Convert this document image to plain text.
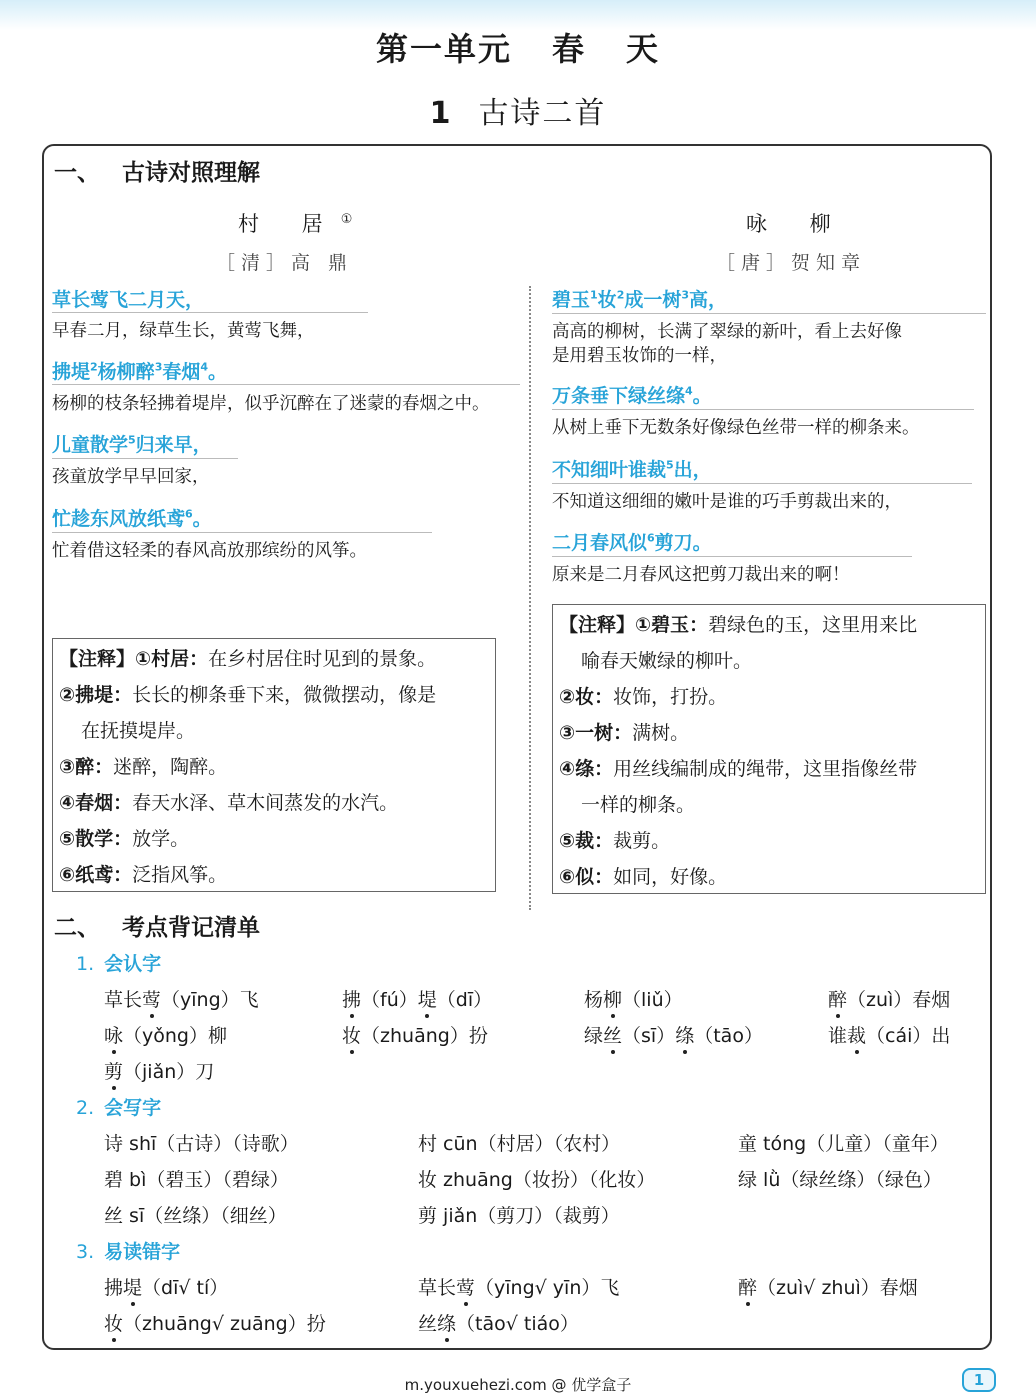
第一单元 春 天
1 古诗二首
一、 古诗对照理解
村 居①
［清］高 鼎
咏 柳
［唐］贺知章
草长莺飞二月天，
早春二月，绿草生长，黄莺飞舞，
拂堤$^2$杨柳醉$^3$春烟$^4$。
杨柳的枝条轻拂着堤岸，似乎沉醉在了迷蒙的春烟之中。
儿童散学$^5$归来早，
孩童放学早早回家，
忙趁东风放纸鸢$^6$。
忙着借这轻柔的春风高放那缤纷的风筝。
碧玉$^1$妆$^2$成一树$^3$高，
高高的柳树，长满了翠绿的新叶，看上去好像
是用碧玉妆饰的一样，
万条垂下绿丝绦$^4$。
从树上垂下无数条好像绿色丝带一样的柳条来。
不知细叶谁裁$^5$出，
不知道这细细的嫩叶是谁的巧手剪裁出来的，
二月春风似$^6$剪刀。
原来是二月春风这把剪刀裁出来的啊！

【注释】①村居：在乡村居住时见到的景象。

②拂堤：长长的柳条垂下来，微微摆动，像是

在抚摸堤岸。

③醉：迷醉，陶醉。

④春烟：春天水泽、草木间蒸发的水汽。

⑤散学：放学。

⑥纸鸢：泛指风筝。

【注释】①碧玉：碧绿色的玉，这里用来比

喻春天嫩绿的柳叶。

②妆：妆饰，打扮。

③一树：满树。

④绦：用丝线编制成的绳带，这里指像丝带

一样的柳条。

⑤裁：裁剪。

⑥似：如同，好像。

二、 考点背记清单
1. 会认字
草长莺（yīng）飞	拂（fú）堤（dī）	杨柳（liǔ）	醉（zuì）春烟
咏（yǒng）柳	妆（zhuāng）扮	绿丝（sī）绦（tāo）	谁裁（cái）出
剪（jiǎn）刀
2. 会写字
诗 shī（古诗）（诗歌）	村 cūn（村居）（农村）	童 tóng（儿童）（童年）
碧 bì（碧玉）（碧绿）	妆 zhuāng（妆扮）（化妆）	绿 lǜ（绿丝绦）（绿色）
丝 sī（丝绦）（细丝）	剪 jiǎn（剪刀）（裁剪）
3. 易读错字
拂堤（dī√ tí）	草长莺（yīng√ yīn）飞	醉（zuì√ zhuì）春烟
妆（zhuāng√ zuāng）扮	丝绦（tāo√ tiáo）
m.youxuehezi.com @ 优学盒子	1
